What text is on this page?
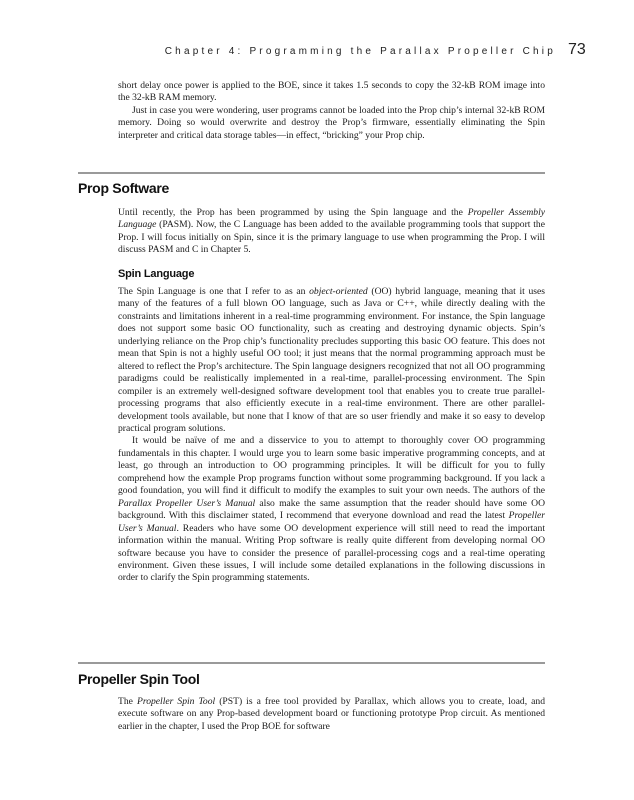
Chapter 4: Programming the Parallax Propeller Chip 73

short delay once power is applied to the BOE, since it takes 1.5 seconds to copy the 32-kB ROM image into the 32-kB RAM memory.

Just in case you were wondering, user programs cannot be loaded into the Prop chip’s internal 32-kB ROM memory. Doing so would overwrite and destroy the Prop’s firmware, essentially eliminating the Spin interpreter and critical data storage tables—in effect, “bricking” your Prop chip.

Prop Software

Until recently, the Prop has been programmed by using the Spin language and the Propeller Assembly Language (PASM). Now, the C Language has been added to the available programming tools that support the Prop. I will focus initially on Spin, since it is the primary language to use when programming the Prop. I will discuss PASM and C in Chapter 5.

Spin Language

The Spin Language is one that I refer to as an object-oriented (OO) hybrid language, meaning that it uses many of the features of a full blown OO language, such as Java or C++, while directly dealing with the constraints and limitations inherent in a real-time programming environment. For instance, the Spin language does not support some basic OO functionality, such as creating and destroying dynamic objects. Spin’s underlying reliance on the Prop chip’s functionality precludes supporting this basic OO feature. This does not mean that Spin is not a highly useful OO tool; it just means that the normal programming approach must be altered to reflect the Prop’s architecture. The Spin language designers recognized that not all OO programming paradigms could be realistically implemented in a real-time, parallel-processing environment. The Spin compiler is an extremely well-designed software development tool that enables you to create true parallel-processing programs that also efficiently execute in a real-time environment. There are other parallel-development tools available, but none that I know of that are so user friendly and make it so easy to develop practical program solutions.

It would be naïve of me and a disservice to you to attempt to thoroughly cover OO programming fundamentals in this chapter. I would urge you to learn some basic imperative programming concepts, and at least, go through an introduction to OO programming principles. It will be difficult for you to fully comprehend how the example Prop programs function without some programming background. If you lack a good foundation, you will find it difficult to modify the examples to suit your own needs. The authors of the Parallax Propeller User’s Manual also make the same assumption that the reader should have some OO background. With this disclaimer stated, I recommend that everyone download and read the latest Propeller User’s Manual. Readers who have some OO development experience will still need to read the important information within the manual. Writing Prop software is really quite different from developing normal OO software because you have to consider the presence of parallel-processing cogs and a real-time operating environment. Given these issues, I will include some detailed explanations in the following discussions in order to clarify the Spin programming statements.

Propeller Spin Tool

The Propeller Spin Tool (PST) is a free tool provided by Parallax, which allows you to create, load, and execute software on any Prop-based development board or functioning prototype Prop circuit. As mentioned earlier in the chapter, I used the Prop BOE for software
